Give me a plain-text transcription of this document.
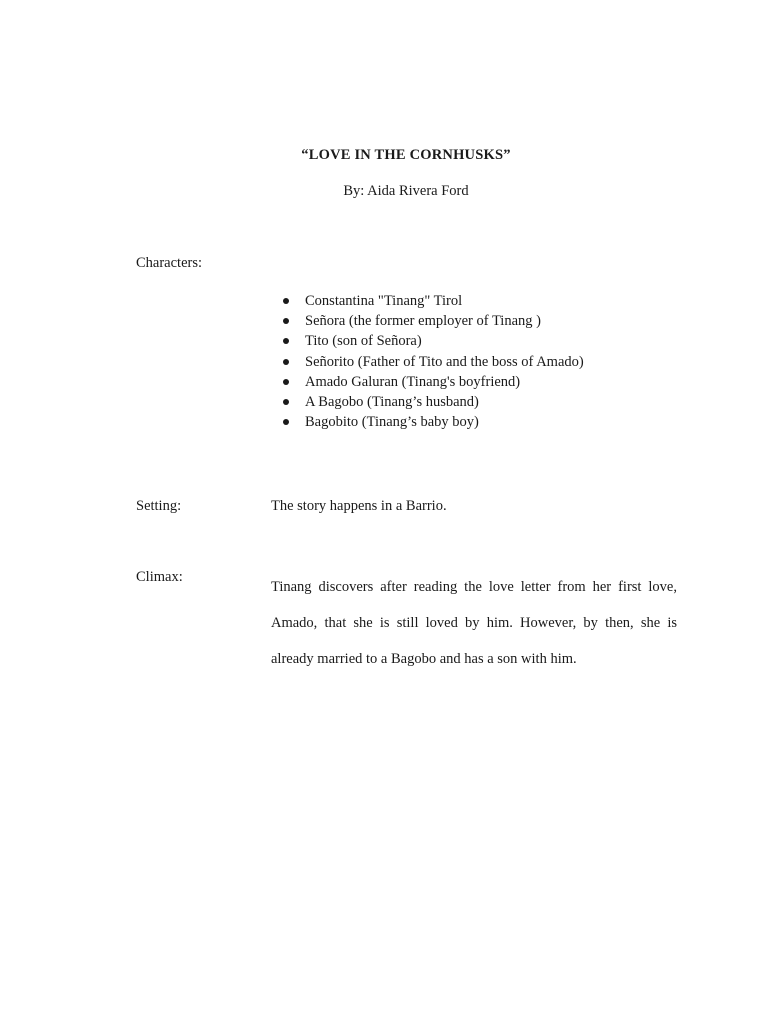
“LOVE IN THE CORNHUSKS”
By: Aida Rivera Ford
Characters:
Constantina "Tinang" Tirol
Señora (the former employer of Tinang )
Tito (son of Señora)
Señorito (Father of Tito and the boss of Amado)
Amado Galuran (Tinang's boyfriend)
A Bagobo (Tinang’s husband)
Bagobito (Tinang’s baby boy)
Setting:	The story happens in a Barrio.
Climax:
Tinang discovers after reading the love letter from her first love,
Amado, that she is still loved by him. However, by then, she is
already married to a Bagobo and has a son with him.
